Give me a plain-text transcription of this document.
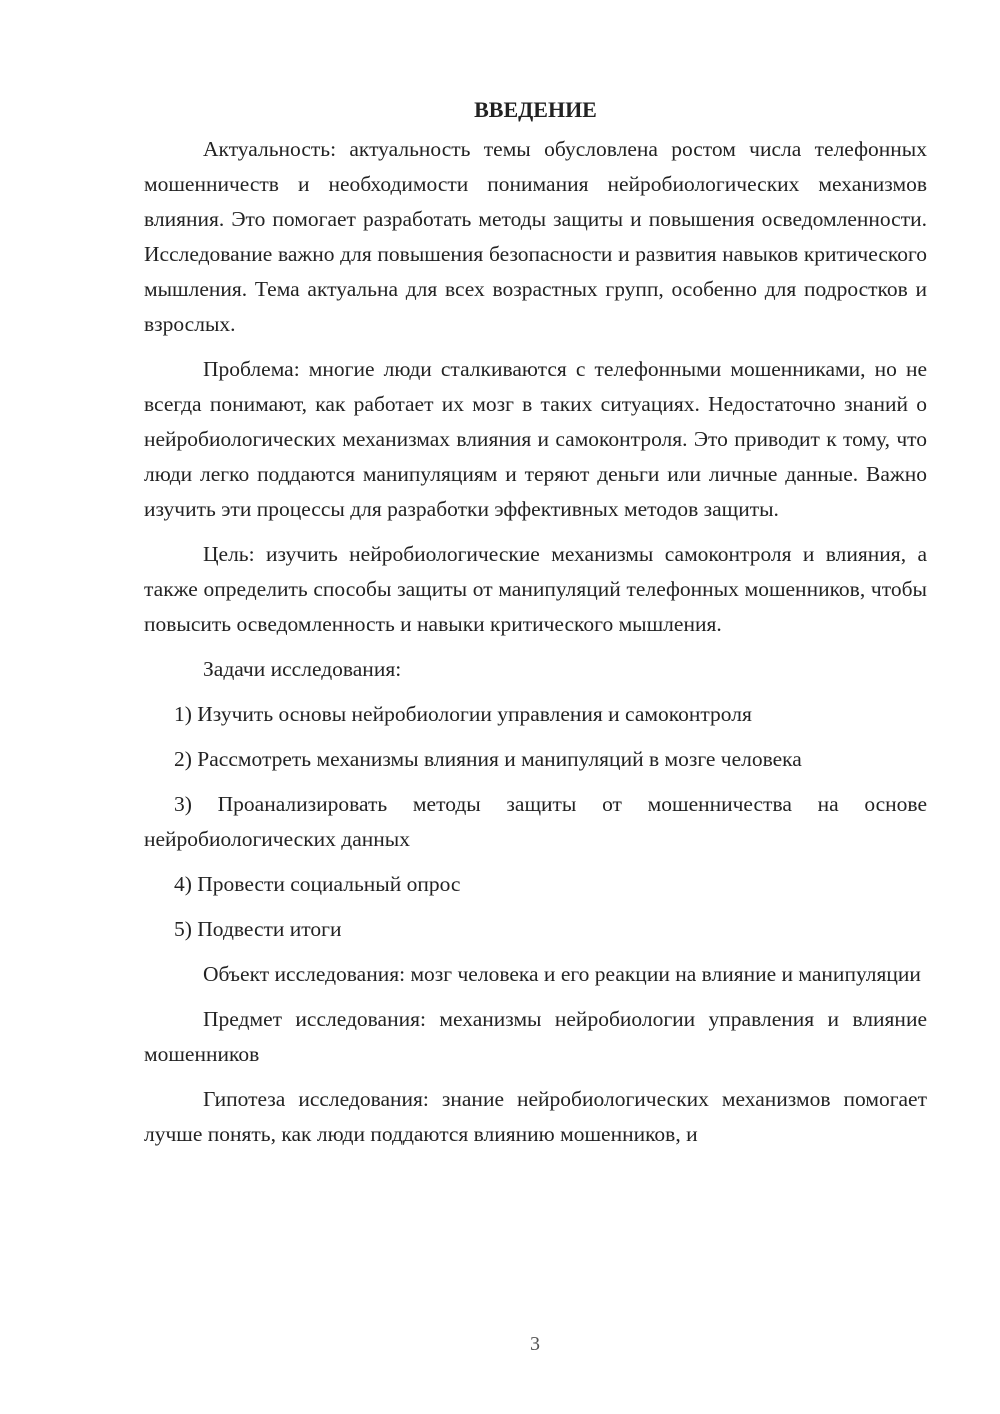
ВВЕДЕНИЕ

Актуальность: актуальность темы обусловлена ростом числа телефонных мошенничеств и необходимости понимания нейробиологических механизмов влияния. Это помогает разработать методы защиты и повышения осведомленности. Исследование важно для повышения безопасности и развития навыков критического мышления. Тема актуальна для всех возрастных групп, особенно для подростков и взрослых.

Проблема: многие люди сталкиваются с телефонными мошенниками, но не всегда понимают, как работает их мозг в таких ситуациях. Недостаточно знаний о нейробиологических механизмах влияния и самоконтроля. Это приводит к тому, что люди легко поддаются манипуляциям и теряют деньги или личные данные. Важно изучить эти процессы для разработки эффективных методов защиты.

Цель: изучить нейробиологические механизмы самоконтроля и влияния, а также определить способы защиты от манипуляций телефонных мошенников, чтобы повысить осведомленность и навыки критического мышления.

Задачи исследования:

1) Изучить основы нейробиологии управления и самоконтроля

2) Рассмотреть механизмы влияния и манипуляций в мозге человека

3) Проанализировать методы защиты от мошенничества на основе нейробиологических данных

4) Провести социальный опрос

5) Подвести итоги

Объект исследования: мозг человека и его реакции на влияние и манипуляции

Предмет исследования: механизмы нейробиологии управления и влияние мошенников

Гипотеза исследования: знание нейробиологических механизмов помогает лучше понять, как люди поддаются влиянию мошенников, и

3
